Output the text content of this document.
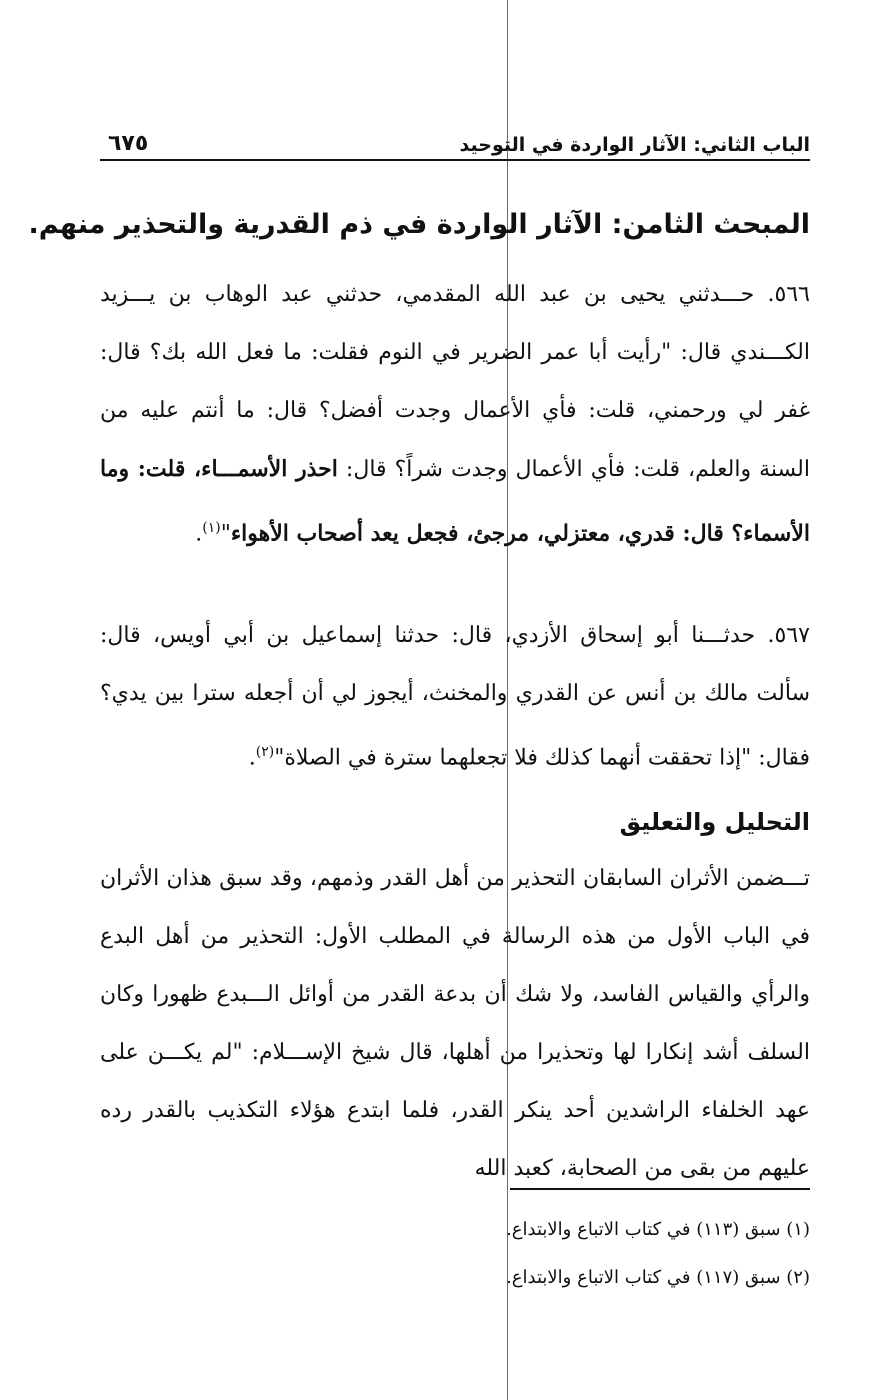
الباب الثاني: الآثار الواردة في التوحيد
٦٧٥
المبحث الثامن: الآثار الواردة في ذم القدرية والتحذير منهم.

٥٦٦. حـــدثني يحيى بن عبد الله المقدمي، حدثني عبد الوهاب بن يـــزيد الكـــندي قال: "رأيت أبا عمر الضرير في النوم فقلت: ما فعل الله بك؟ قال: غفر لي ورحمني، قلت: فأي الأعمال وجدت أفضل؟ قال: ما أنتم عليه من السنة والعلم، قلت: فأي الأعمال وجدت شراً؟ قال: احذر الأسمـــاء، قلت: وما الأسماء؟ قال: قدري، معتزلي، مرجئ، فجعل يعد أصحاب الأهواء"$^{(١)}$.

٥٦٧. حدثـــنا أبو إسحاق الأزدي، قال: حدثنا إسماعيل بن أبي أويس، قال: سألت مالك بن أنس عن القدري والمخنث، أيجوز لي أن أجعله سترا بين يدي؟ فقال: "إذا تحققت أنهما كذلك فلا تجعلهما سترة في الصلاة"$^{(٢)}$.

التحليل والتعليق

تـــضمن الأثران السابقان التحذير من أهل القدر وذمهم، وقد سبق هذان الأثران في الباب الأول من هذه الرسالة في المطلب الأول: التحذير من أهل البدع والرأي والقياس الفاسد، ولا شك أن بدعة القدر من أوائل الـــبدع ظهورا وكان السلف أشد إنكارا لها وتحذيرا من أهلها، قال شيخ الإســـلام: "لم يكـــن على عهد الخلفاء الراشدين أحد ينكر القدر، فلما ابتدع هؤلاء التكذيب بالقدر رده عليهم من بقى من الصحابة، كعبد الله

(١) سبق (١١٣) في كتاب الاتباع والابتداع.

(٢) سبق (١١٧) في كتاب الاتباع والابتداع.
